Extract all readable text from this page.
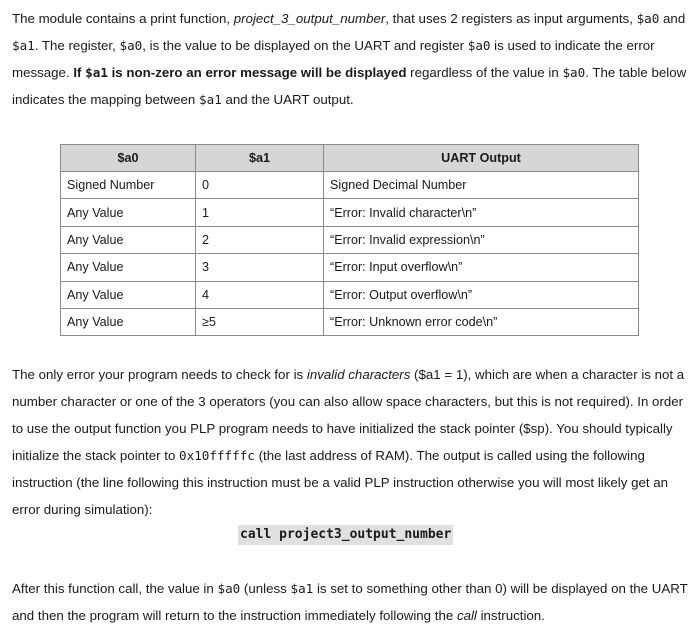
The module contains a print function, project_3_output_number, that uses 2 registers as input arguments, $a0 and $a1. The register, $a0, is the value to be displayed on the UART and register $a0 is used to indicate the error message. If $a1 is non-zero an error message will be displayed regardless of the value in $a0. The table below indicates the mapping between $a1 and the UART output.

$a0	$a1	UART Output
Signed Number	0	Signed Decimal Number
Any Value	1	“Error: Invalid character\n”
Any Value	2	“Error: Invalid expression\n”
Any Value	3	“Error: Input overflow\n”
Any Value	4	“Error: Output overflow\n”
Any Value	≥5	“Error: Unknown error code\n”

The only error your program needs to check for is invalid characters ($a1 = 1), which are when a character is not a number character or one of the 3 operators (you can also allow space characters, but this is not required). In order to use the output function you PLP program needs to have initialized the stack pointer ($sp). You should typically initialize the stack pointer to 0x10fffffc (the last address of RAM). The output is called using the following instruction (the line following this instruction must be a valid PLP instruction otherwise you will most likely get an error during simulation):

call project3_output_number

After this function call, the value in $a0 (unless $a1 is set to something other than 0) will be displayed on the UART and then the program will return to the instruction immediately following the call instruction.
